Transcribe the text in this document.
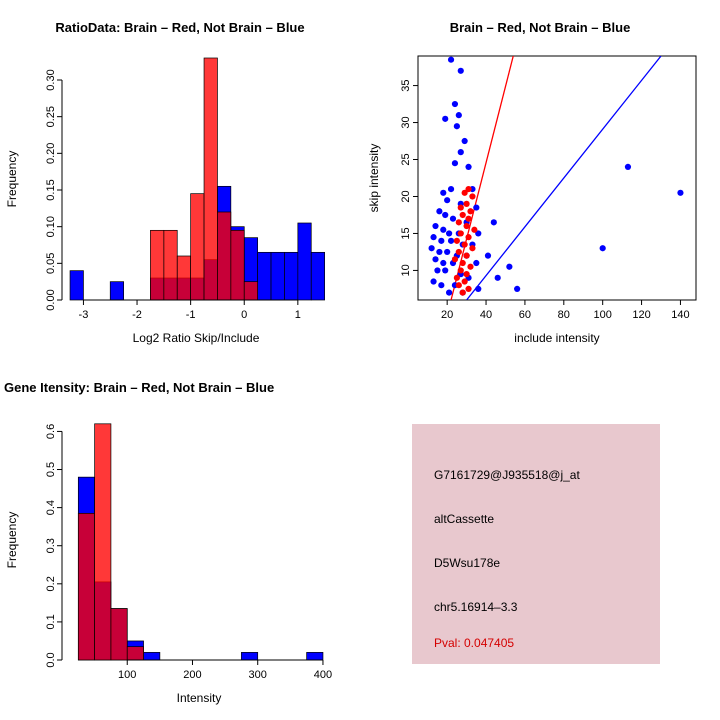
RatioData: Brain – Red, Not Brain – Blue
-3	-2	-1	0	1
0.00
0.05
0.10
0.15
0.20
0.25
0.30
Log2 Ratio Skip/Include
Frequency
Brain – Red, Not Brain – Blue
20 40 60 80 100 120 140
10
15
20
25
30
35
include intensity
skip intensity
Gene Itensity: Brain – Red, Not Brain – Blue
100	200	300	400
0.0
0.1
0.2
0.3
0.4
0.5
0.6
Intensity
Frequency
G7161729@J935518@j_at
altCassette
D5Wsu178e
chr5.16914–3.3
Pval: 0.047405
